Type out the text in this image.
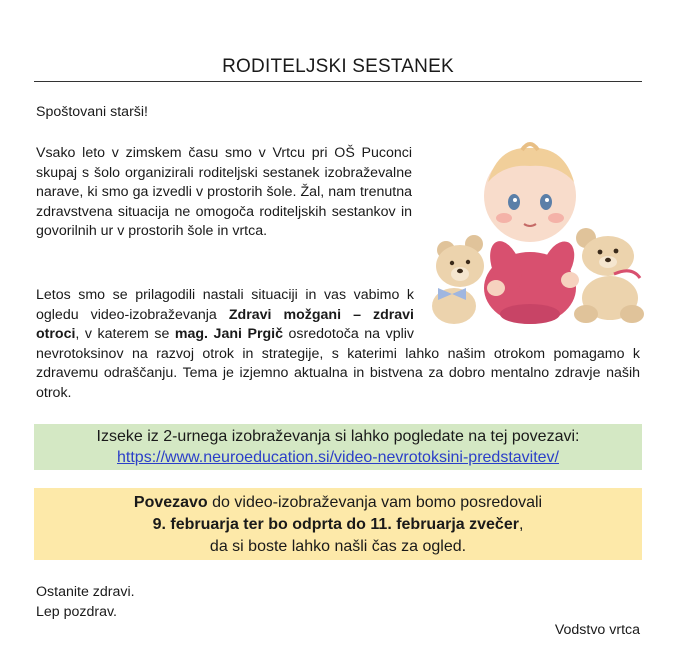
RODITELJSKI SESTANEK
Spoštovani starši!
Vsako leto v zimskem času smo v Vrtcu pri OŠ Puconci skupaj s šolo organizirali roditeljski sestanek izobraževalne narave, ki smo ga izvedli v prostorih šole. Žal, nam trenutna zdravstvena situacija ne omogoča roditeljskih sestankov in govorilnih ur v prostorih šole in vrtca.
Letos smo se prilagodili nastali situaciji in vas vabimo k ogledu video-izobraževanja Zdravi možgani – zdravi otroci, v katerem se mag. Jani Prgič osredotoča na vpliv nevrotoksinov na razvoj otrok in strategije, s katerimi lahko našim otrokom pomagamo k zdravemu odraščanju. Tema je izjemno aktualna in bistvena za dobro mentalno zdravje naših otrok.
Izseke iz 2-urnega izobraževanja si lahko pogledate na tej povezavi:
https://www.neuroeducation.si/video-nevrotoksini-predstavitev/
Povezavo do video-izobraževanja vam bomo posredovali
9. februarja ter bo odprta do 11. februarja zvečer,
da si boste lahko našli čas za ogled.
Ostanite zdravi.
Lep pozdrav.
Vodstvo vrtca
